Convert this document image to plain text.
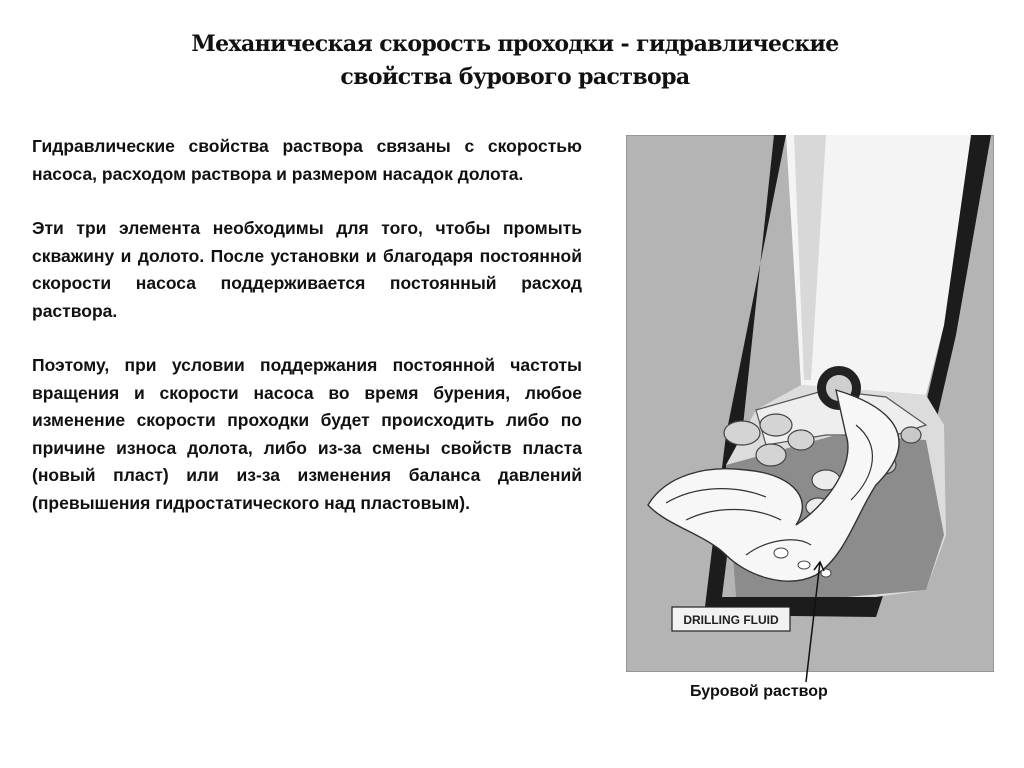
Механическая скорость проходки - гидравлические
свойства бурового раствора

Гидравлические свойства раствора связаны с скоростью насоса, расходом раствора и размером насадок долота.

Эти три элемента необходимы для того, чтобы промыть скважину и долото. После установки и благодаря постоянной скорости насоса поддерживается постоянный расход раствора.

Поэтому, при условии поддержания постоянной частоты вращения и скорости насоса во время бурения, любое изменение скорости проходки будет происходить либо по причине износа долота, либо из-за смены свойств пласта (новый пласт) или из-за изменения баланса давлений (превышения гидростатического над пластовым).

DRILLING FLUID
Буровой раствор
